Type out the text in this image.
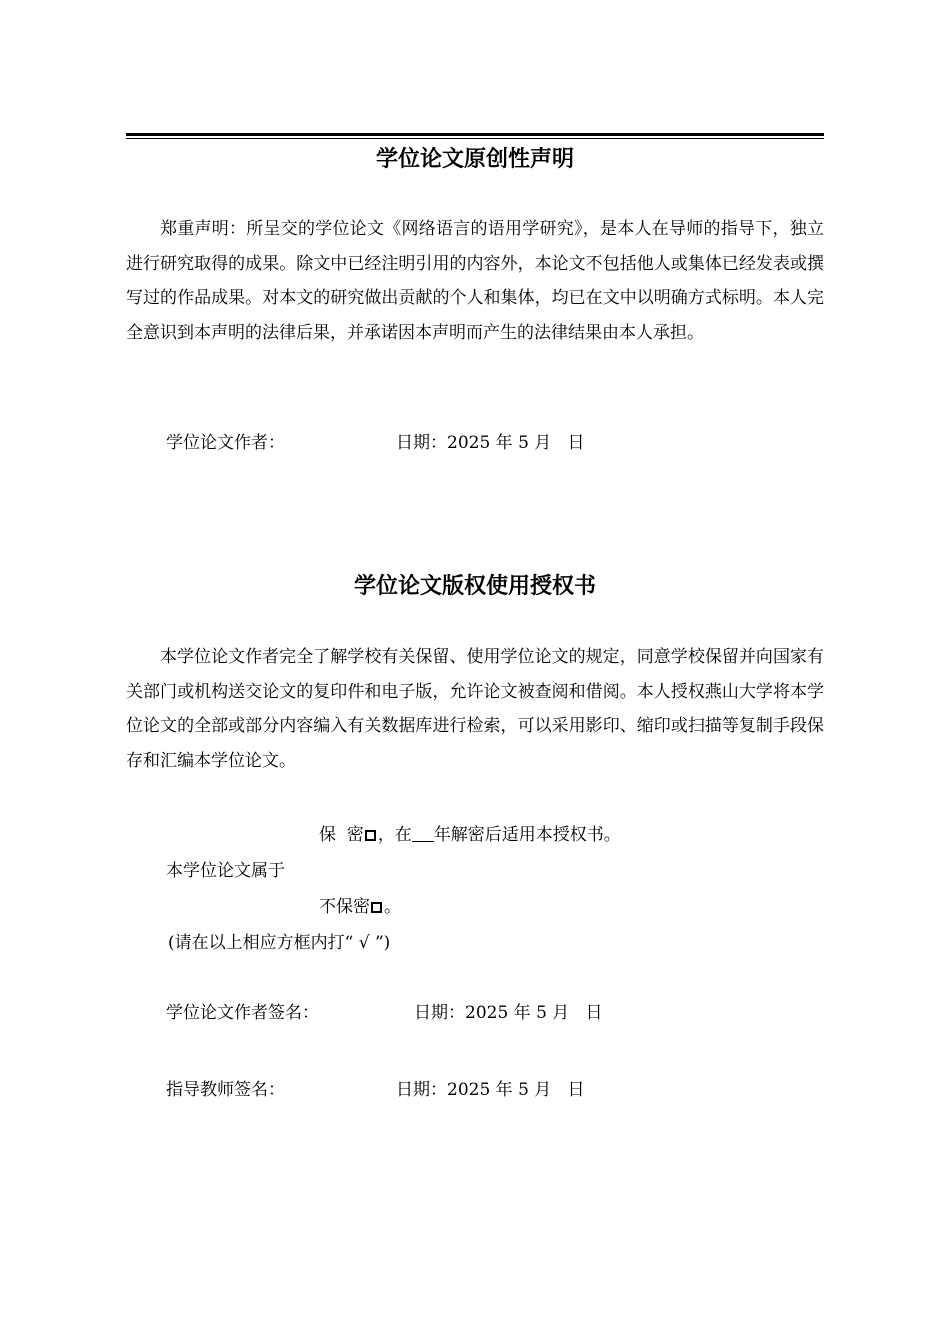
学位论文原创性声明
郑重声明：所呈交的学位论文《网络语言的语用学研究》，是本人在导师的指导下，独立进行研究取得的成果。除文中已经注明引用的内容外，本论文不包括他人或集体已经发表或撰写过的作品成果。对本文的研究做出贡献的个人和集体，均已在文中以明确方式标明。本人完全意识到本声明的法律后果，并承诺因本声明而产生的法律结果由本人承担。
学位论文作者：	日期：2025 年 5 月   日
学位论文版权使用授权书
本学位论文作者完全了解学校有关保留、使用学位论文的规定，同意学校保留并向国家有关部门或机构送交论文的复印件和电子版，允许论文被查阅和借阅。本人授权燕山大学将本学位论文的全部或部分内容编入有关数据库进行检索，可以采用影印、缩印或扫描等复制手段保存和汇编本学位论文。
保  密 ，在 年解密后适用本授权书。
本学位论文属于
不保密 。
(请在以上相应方框内打“ √ ”)
学位论文作者签名：	日期：2025 年 5 月   日
指导教师签名：	日期：2025 年 5 月   日
